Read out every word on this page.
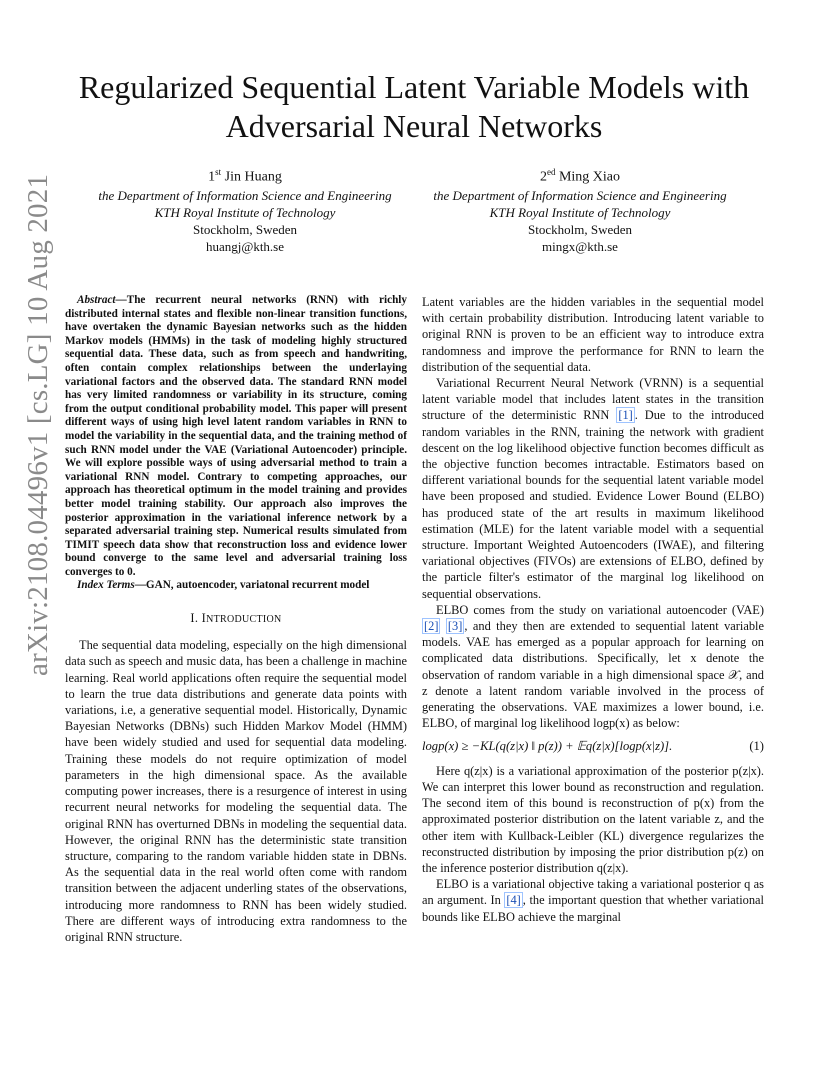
arXiv:2108.04496v1 [cs.LG] 10 Aug 2021
Regularized Sequential Latent Variable Models with Adversarial Neural Networks
1st Jin Huang
the Department of Information Science and Engineering
KTH Royal Institute of Technology
Stockholm, Sweden
huangj@kth.se
$2^{ed}$ Ming Xiao
the Department of Information Science and Engineering
KTH Royal Institute of Technology
Stockholm, Sweden
mingx@kth.se

Abstract—The recurrent neural networks (RNN) with richly distributed internal states and flexible non-linear transition functions, have overtaken the dynamic Bayesian networks such as the hidden Markov models (HMMs) in the task of modeling highly structured sequential data. These data, such as from speech and handwriting, often contain complex relationships between the underlaying variational factors and the observed data. The standard RNN model has very limited randomness or variability in its structure, coming from the output conditional probability model. This paper will present different ways of using high level latent random variables in RNN to model the variability in the sequential data, and the training method of such RNN model under the VAE (Variational Autoencoder) principle. We will explore possible ways of using adversarial method to train a variational RNN model. Contrary to competing approaches, our approach has theoretical optimum in the model training and provides better model training stability. Our approach also improves the posterior approximation in the variational inference network by a separated adversarial training step. Numerical results simulated from TIMIT speech data show that reconstruction loss and evidence lower bound converge to the same level and adversarial training loss converges to 0.

Index Terms—GAN, autoencoder, variatonal recurrent model

I. INTRODUCTION

The sequential data modeling, especially on the high dimensional data such as speech and music data, has been a challenge in machine learning. Real world applications often require the sequential model to learn the true data distributions and generate data points with variations, i.e, a generative sequential model. Historically, Dynamic Bayesian Networks (DBNs) such Hidden Markov Model (HMM) have been widely studied and used for sequential data modeling. Training these models do not require optimization of model parameters in the high dimensional space. As the available computing power increases, there is a resurgence of interest in using recurrent neural networks for modeling the sequential data. The original RNN has overturned DBNs in modeling the sequential data. However, the original RNN has the deterministic state transition structure, comparing to the random variable hidden state in DBNs. As the sequential data in the real world often come with random transition between the adjacent underling states of the observations, introducing more randomness to RNN has been widely studied. There are different ways of introducing extra randomness to the original RNN structure.

Latent variables are the hidden variables in the sequential model with certain probability distribution. Introducing latent variable to original RNN is proven to be an efficient way to introduce extra randomness and improve the performance for RNN to learn the distribution of the sequential data.

Variational Recurrent Neural Network (VRNN) is a sequential latent variable model that includes latent states in the transition structure of the deterministic RNN [1] . Due to the introduced random variables in the RNN, training the network with gradient descent on the log likelihood objective function becomes difficult as the objective function becomes intractable. Estimators based on different variational bounds for the sequential latent variable model have been proposed and studied. Evidence Lower Bound (ELBO) has produced state of the art results in maximum likelihood estimation (MLE) for the latent variable model with a sequential structure. Important Weighted Autoencoders (IWAE), and filtering variational objectives (FIVOs) are extensions of ELBO, defined by the particle filter's estimator of the marginal log likelihood on sequential observations.

ELBO comes from the study on variational autoencoder (VAE) [2] [3] , and they then are extended to sequential latent variable models. VAE has emerged as a popular approach for learning on complicated data distributions. Specifically, let x denote the observation of random variable in a high dimensional space 𝒳, and z denote a latent random variable involved in the process of generating the observations. VAE maximizes a lower bound, i.e. ELBO, of marginal log likelihood logp(x) as below:

logp(x) ≥ −KL(q(z|x) ‖ p(z)) + 𝔼q(z|x)[logp(x|z)].	(1)

Here q(z|x) is a variational approximation of the posterior p(z|x). We can interpret this lower bound as reconstruction and regulation. The second item of this bound is reconstruction of p(x) from the approximated posterior distribution on the latent variable z, and the other item with Kullback-Leibler (KL) divergence regularizes the reconstructed distribution by imposing the prior distribution p(z) on the inference posterior distribution q(z|x).

ELBO is a variational objective taking a variational posterior q as an argument. In [4] , the important question that whether variational bounds like ELBO achieve the marginal
